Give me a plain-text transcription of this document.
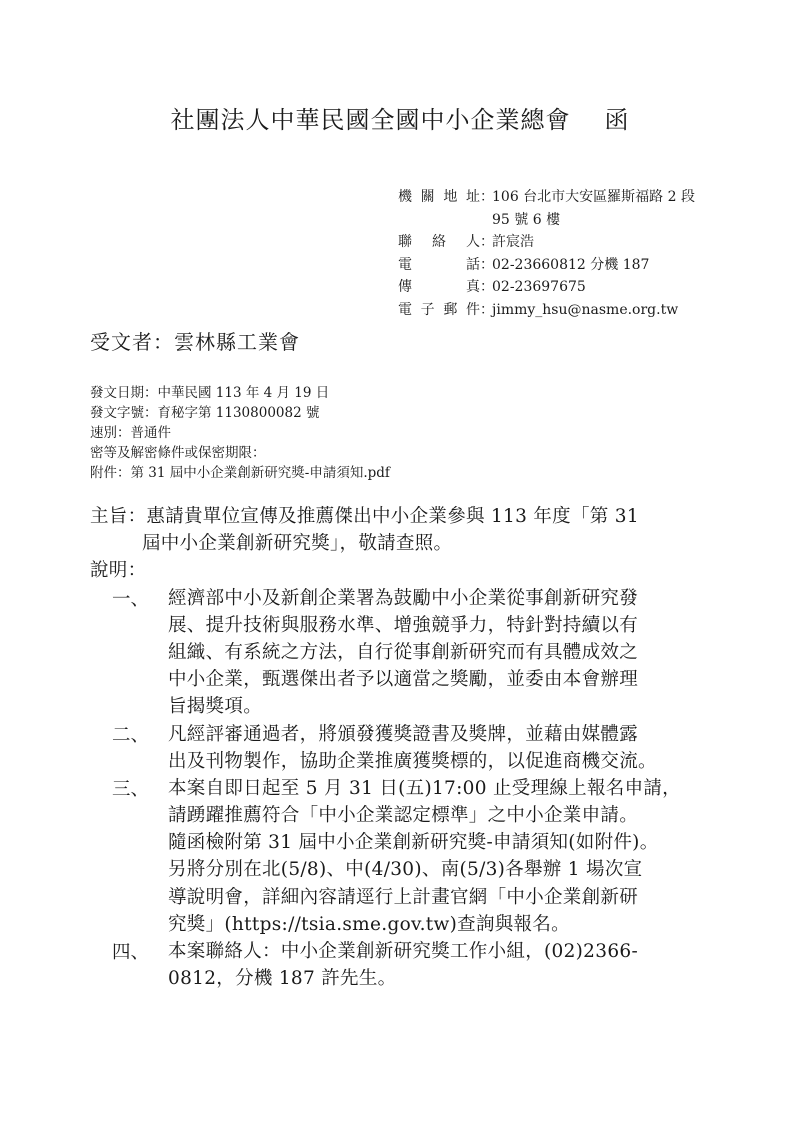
社團法人中華民國全國中小企業總會 函
機關地址 ：
106 台北市大安區羅斯福路 2 段
95 號 6 樓
聯 絡 人 ：
許宸浩
電　　話 ：
02-23660812 分機 187
傳　　真 ：
02-23697675
電子郵件 ：
jimmy_hsu@nasme.org.tw
受文者：雲林縣工業會
發文日期：中華民國 113 年 4 月 19 日
發文字號：育秘字第 1130800082 號
速別：普通件
密等及解密條件或保密期限：
附件：第 31 屆中小企業創新研究獎-申請須知.pdf
主旨：惠請貴單位宣傳及推薦傑出中小企業參與 113 年度「第 31
屆中小企業創新研究獎」，敬請查照。
說明：
一、	經濟部中小及新創企業署為鼓勵中小企業從事創新研究發
展、提升技術與服務水準、增強競爭力，特針對持續以有
組織、有系統之方法，自行從事創新研究而有具體成效之
中小企業，甄選傑出者予以適當之獎勵，並委由本會辦理
旨揭獎項。
二、	凡經評審通過者，將頒發獲獎證書及獎牌，並藉由媒體露
出及刊物製作，協助企業推廣獲獎標的，以促進商機交流。
三、	本案自即日起至 5 月 31 日(五)17:00 止受理線上報名申請，
請踴躍推薦符合「中小企業認定標準」之中小企業申請。
隨函檢附第 31 屆中小企業創新研究獎-申請須知(如附件)。
另將分別在北(5/8)、中(4/30)、南(5/3)各舉辦 1 場次宣
導說明會，詳細內容請逕行上計畫官網「中小企業創新研
究獎」(https://tsia.sme.gov.tw)查詢與報名。
四、	本案聯絡人：中小企業創新研究獎工作小組，(02)2366-
0812，分機 187 許先生。
